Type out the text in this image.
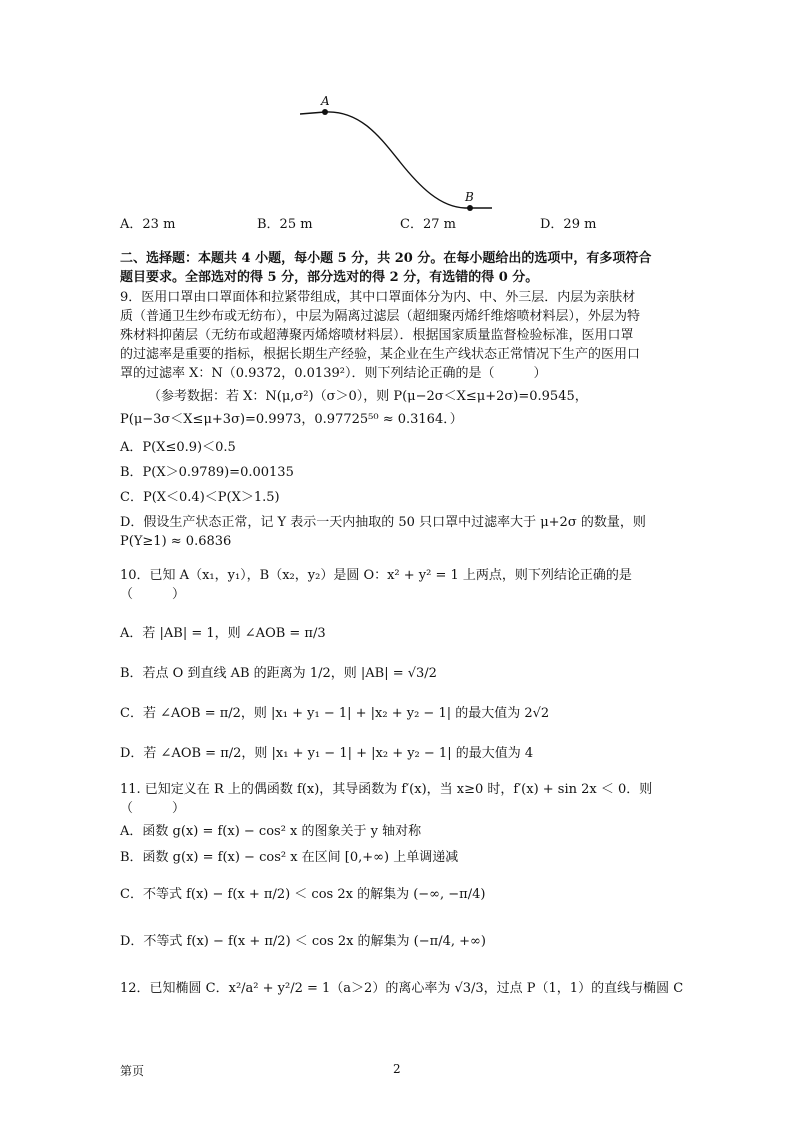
A
B
A．23 m	B．25 m	C．27 m	D．29 m
二、选择题：本题共 4 小题，每小题 5 分，共 20 分。在每小题给出的选项中，有多项符合
题目要求。全部选对的得 5 分，部分选对的得 2 分，有选错的得 0 分。
9．医用口罩由口罩面体和拉紧带组成，其中口罩面体分为内、中、外三层．内层为亲肤材
质（普通卫生纱布或无纺布），中层为隔离过滤层（超细聚丙烯纤维熔喷材料层），外层为特
殊材料抑菌层（无纺布或超薄聚丙烯熔喷材料层）．根据国家质量监督检验标准，医用口罩
的过滤率是重要的指标，根据长期生产经验，某企业在生产线状态正常情况下生产的医用口
罩的过滤率 X：N（0.9372，0.0139²）．则下列结论正确的是（　　　）
（参考数据：若 X：N(μ,σ²)（σ＞0），则 P(μ−2σ＜X≤μ+2σ)=0.9545，
P(μ−3σ＜X≤μ+3σ)=0.9973，0.97725⁵⁰ ≈ 0.3164．）
A．P(X≤0.9)＜0.5
B．P(X＞0.9789)=0.00135
C．P(X＜0.4)＜P(X＞1.5)
D．假设生产状态正常，记 Y 表示一天内抽取的 50 只口罩中过滤率大于 μ+2σ 的数量，则
P(Y≥1) ≈ 0.6836
10．已知 A（x₁，y₁），B（x₂，y₂）是圆 O：x² + y² = 1 上两点，则下列结论正确的是
（　　　）
A．若 |AB| = 1，则 ∠AOB = π/3
B．若点 O 到直线 AB 的距离为 1/2，则 |AB| = √3/2
C．若 ∠AOB = π/2，则 |x₁ + y₁ − 1| + |x₂ + y₂ − 1| 的最大值为 2√2
D．若 ∠AOB = π/2，则 |x₁ + y₁ − 1| + |x₂ + y₂ − 1| 的最大值为 4
11. 已知定义在 R 上的偶函数 f(x)，其导函数为 f′(x)，当 x≥0 时，f′(x) + sin 2x ＜ 0．则
（　　　）
A．函数 g(x) = f(x) − cos² x 的图象关于 y 轴对称
B．函数 g(x) = f(x) − cos² x 在区间 [0,+∞) 上单调递减
C．不等式 f(x) − f(x + π/2) ＜ cos 2x 的解集为 (−∞, −π/4)
D．不等式 f(x) − f(x + π/2) ＜ cos 2x 的解集为 (−π/4, +∞)
12．已知椭圆 C．x²/a² + y²/2 = 1（a＞2）的离心率为 √3/3，过点 P（1，1）的直线与椭圆 C
第页	2
